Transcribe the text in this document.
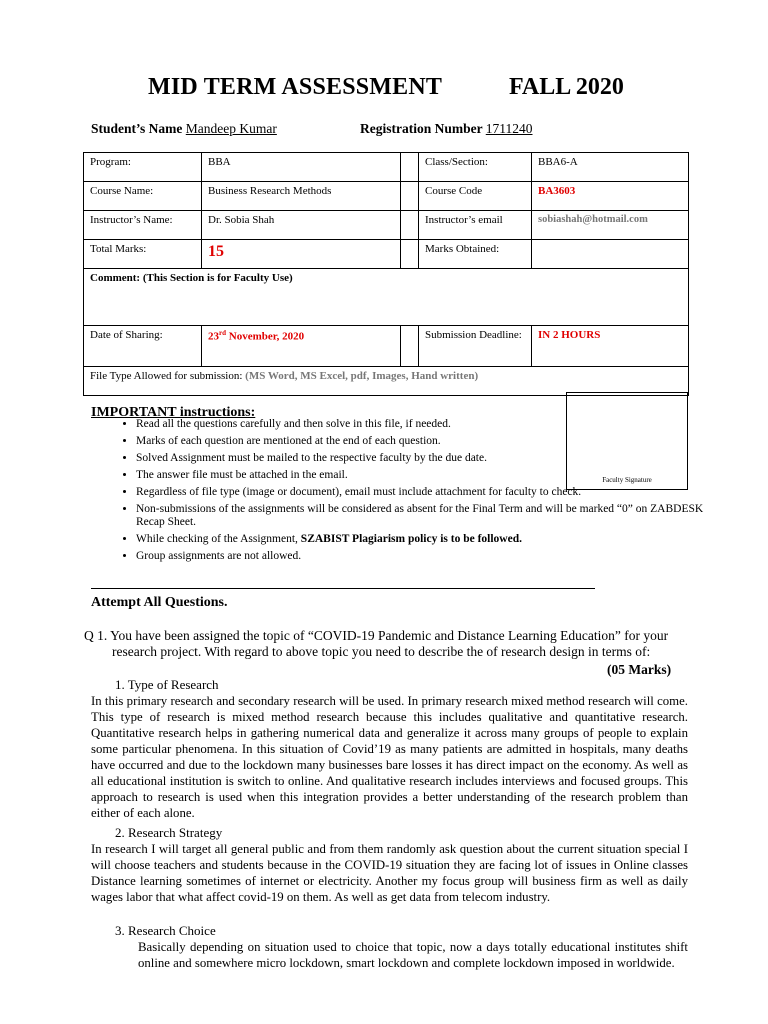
MID TERM ASSESSMENT	FALL 2020
Student’s Name Mandeep Kumar	Registration Number 1711240
Program:	BBA		Class/Section:	BBA6-A
Course Name:	Business Research Methods		Course Code	BA3603
Instructor’s Name:	Dr. Sobia Shah		Instructor’s email	sobiashah@hotmail.com
Total Marks:	15		Marks Obtained:	
Comment: (This Section is for Faculty Use)				
Date of Sharing:	23rd November, 2020		Submission Deadline:	IN 2 HOURS
File Type Allowed for submission: (MS Word, MS Excel, pdf, Images, Hand written)				
Faculty Signature
IMPORTANT instructions:
• Read all the questions carefully and then solve in this file, if needed.
• Marks of each question are mentioned at the end of each question.
• Solved Assignment must be mailed to the respective faculty by the due date.
• The answer file must be attached in the email.
• Regardless of file type (image or document), email must include attachment for faculty to check.
• Non-submissions of the assignments will be considered as absent for the Final Term and will be marked “0” on ZABDESK Recap Sheet.
• While checking of the Assignment, SZABIST Plagiarism policy is to be followed.
• Group assignments are not allowed.
Attempt All Questions.
Q 1. You have been assigned the topic of “COVID-19 Pandemic and Distance Learning Education” for your research project. With regard to above topic you need to describe the of research design in terms of:
(05 Marks)
1. Type of Research
In this primary research and secondary research will be used. In primary research mixed method research will come. This type of research is mixed method research because this includes qualitative and quantitative research. Quantitative research helps in gathering numerical data and generalize it across many groups of people to explain some particular phenomena. In this situation of Covid’19 as many patients are admitted in hospitals, many deaths have occurred and due to the lockdown many businesses bare losses it has direct impact on the economy. As well as all educational institution is switch to online. And qualitative research includes interviews and focused groups. This approach to research is used when this integration provides a better understanding of the research problem than either of each alone.
2. Research Strategy
In research I will target all general public and from them randomly ask question about the current situation special I will choose teachers and students because in the COVID-19 situation they are facing lot of issues in Online classes Distance learning sometimes of internet or electricity. Another my focus group will business firm as well as daily wages labor that what affect covid-19 on them. As well as get data from telecom industry.
3. Research Choice
Basically depending on situation used to choice that topic, now a days totally educational institutes shift online and somewhere micro lockdown, smart lockdown and complete lockdown imposed in worldwide.
